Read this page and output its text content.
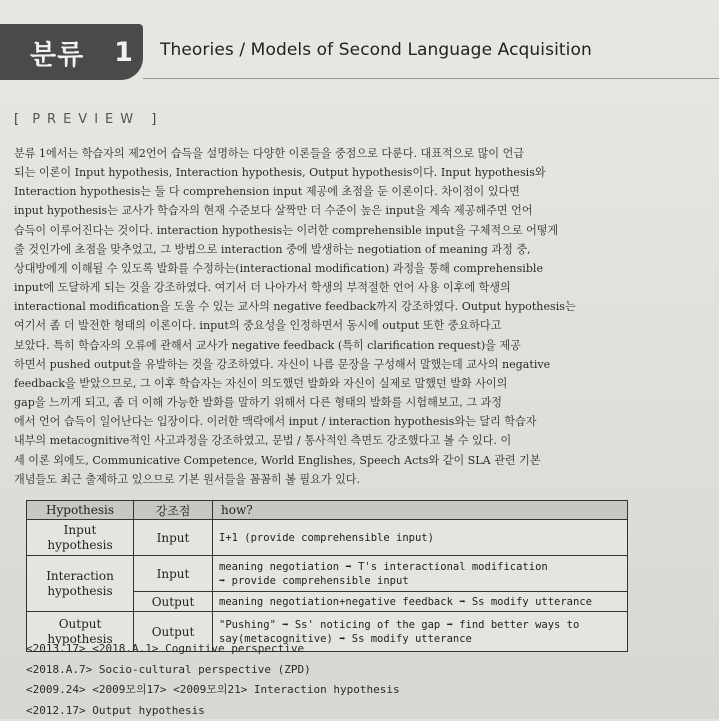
분류 1 Theories / Models of Second Language Acquisition
[ PREVIEW ]
분류 1에서는 학습자의 제2언어 습득을 설명하는 다양한 이론들을 중점으로 다룬다. 대표적으로 많이 언급
되는 이론이 Input hypothesis, Interaction hypothesis, Output hypothesis이다. Input hypothesis와
Interaction hypothesis는 둘 다 comprehension input 제공에 초점을 둔 이론이다. 차이점이 있다면
input hypothesis는 교사가 학습자의 현재 수준보다 살짝만 더 수준이 높은 input을 계속 제공해주면 언어
습득이 이루어진다는 것이다. interaction hypothesis는 이러한 comprehensible input을 구체적으로 어떻게
줄 것인가에 초점을 맞추었고, 그 방법으로 interaction 중에 발생하는 negotiation of meaning 과정 중,
상대방에게 이해될 수 있도록 발화를 수정하는(interactional modification) 과정을 통해 comprehensible
input에 도달하게 되는 것을 강조하였다. 여기서 더 나아가서 학생의 부적절한 언어 사용 이후에 학생의
interactional modification을 도울 수 있는 교사의 negative feedback까지 강조하였다. Output hypothesis는
여기서 좀 더 발전한 형태의 이론이다. input의 중요성을 인정하면서 동시에 output 또한 중요하다고
보았다. 특히 학습자의 오류에 관해서 교사가 negative feedback (특히 clarification request)을 제공
하면서 pushed output을 유발하는 것을 강조하였다. 자신이 나름 문장을 구성해서 말했는데 교사의 negative
feedback을 받았으므로, 그 이후 학습자는 자신이 의도했던 발화와 자신이 실제로 말했던 발화 사이의
gap을 느끼게 되고, 좀 더 이해 가능한 발화를 말하기 위해서 다른 형태의 발화를 시험해보고, 그 과정
에서 언어 습득이 일어난다는 입장이다. 이러한 맥락에서 input / interaction hypothesis와는 달리 학습자
내부의 metacognitive적인 사고과정을 강조하였고, 문법 / 통사적인 측면도 강조했다고 볼 수 있다. 이
세 이론 외에도, Communicative Competence, World Englishes, Speech Acts와 같이 SLA 관련 기본
개념들도 최근 출제하고 있으므로 기본 원서들을 꼼꼼히 볼 필요가 있다.
Hypothesis	강조점	how?
Input hypothesis	Input	I+1 (provide comprehensible input)
Interaction hypothesis	Input	meaning negotiation ➡ T's interactional modification
➡ provide comprehensible input

	Output	meaning negotiation+negative feedback ➡ Ss modify utterance
Output hypothesis	Output	"Pushing" ➡ Ss' noticing of the gap ➡ find better ways to
say(metacognitive) ➡ Ss modify utterance
<2013.17> <2018.A.1> Cognitive perspective
<2018.A.7> Socio-cultural perspective (ZPD)
<2009.24> <2009모의17> <2009모의21> Interaction hypothesis
<2012.17> Output hypothesis
